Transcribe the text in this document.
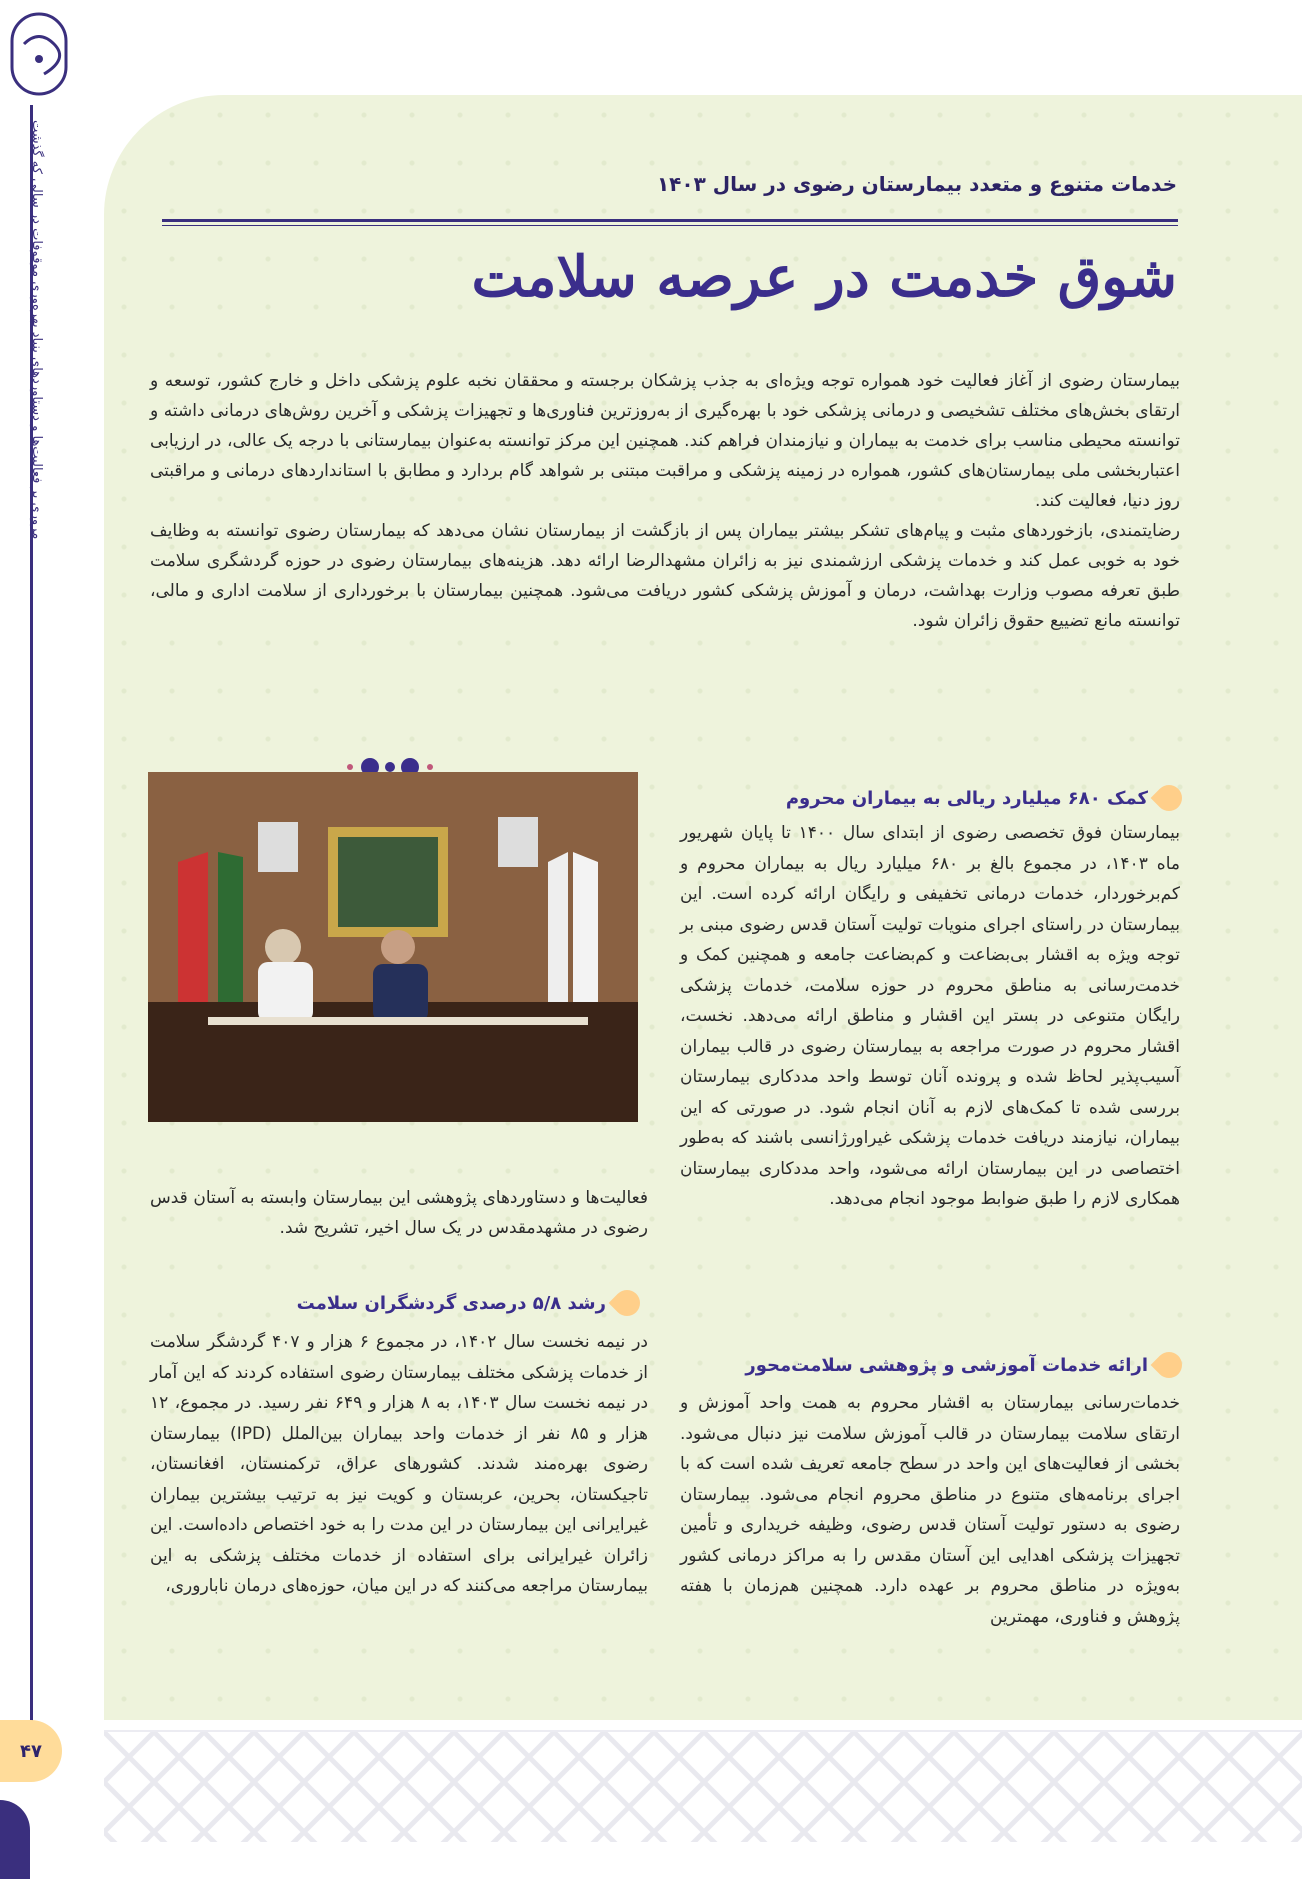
مروری بر فعالیت‌ها و دستاوردهای بنیاد بهره‌وری موقوفات در سالی که گذشت
۴۷
خدمات متنوع و متعدد بیمارستان رضوی در سال ۱۴۰۳
شوق خدمت در عرصه سلامت

بیمارستان رضوی از آغاز فعالیت خود همواره توجه ویژه‌ای به جذب پزشکان برجسته و محققان نخبه علوم پزشکی داخل و خارج کشور، توسعه و ارتقای بخش‌های مختلف تشخیصی و درمانی پزشکی خود با بهره‌گیری از به‌روزترین فناوری‌ها و تجهیزات پزشکی و آخرین روش‌های درمانی داشته و توانسته محیطی مناسب برای خدمت به بیماران و نیازمندان فراهم کند. همچنین این مرکز توانسته به‌عنوان بیمارستانی با درجه یک عالی، در ارزیابی اعتباربخشی ملی بیمارستان‌های کشور، همواره در زمینه پزشکی و مراقبت مبتنی بر شواهد گام بردارد و مطابق با استانداردهای درمانی و مراقبتی روز دنیا، فعالیت کند.

رضایتمندی، بازخوردهای مثبت و پیام‌های تشکر بیشتر بیماران پس از بازگشت از بیمارستان نشان می‌دهد که بیمارستان رضوی توانسته به وظایف خود به خوبی عمل کند و خدمات پزشکی ارزشمندی نیز به زائران مشهدالرضا ارائه دهد. هزینه‌های بیمارستان رضوی در حوزه گردشگری سلامت طبق تعرفه مصوب وزارت بهداشت، درمان و آموزش پزشکی کشور دریافت می‌شود. همچنین بیمارستان با برخورداری از سلامت اداری و مالی، توانسته مانع تضییع حقوق زائران شود.

فعالیت‌ها و دستاوردهای پژوهشی این بیمارستان وابسته به آستان قدس رضوی در مشهدمقدس در یک سال اخیر، تشریح شد.
کمک ۶۸۰ میلیارد ریالی به بیماران محروم

بیمارستان فوق تخصصی رضوی از ابتدای سال ۱۴۰۰ تا پایان شهریور ماه ۱۴۰۳، در مجموع بالغ بر ۶۸۰ میلیارد ریال به بیماران محروم و کم‌برخوردار، خدمات درمانی تخفیفی و رایگان ارائه کرده است. این بیمارستان در راستای اجرای منویات تولیت آستان قدس رضوی مبنی بر توجه ویژه به اقشار بی‌بضاعت و کم‌بضاعت جامعه و همچنین کمک و خدمت‌رسانی به مناطق محروم در حوزه سلامت، خدمات پزشکی رایگان متنوعی در بستر این اقشار و مناطق ارائه می‌دهد. نخست، اقشار محروم در صورت مراجعه به بیمارستان رضوی در قالب بیماران آسیب‌پذیر لحاظ شده و پرونده آنان توسط واحد مددکاری بیمارستان بررسی شده تا کمک‌های لازم به آنان انجام شود. در صورتی که این بیماران، نیازمند دریافت خدمات پزشکی غیراورژانسی باشند که به‌طور اختصاصی در این بیمارستان ارائه می‌شود، واحد مددکاری بیمارستان همکاری لازم را طبق ضوابط موجود انجام می‌دهد.

ارائه خدمات آموزشی و پژوهشی سلامت‌محور

خدمات‌رسانی بیمارستان به اقشار محروم به همت واحد آموزش و ارتقای سلامت بیمارستان در قالب آموزش سلامت نیز دنبال می‌شود. بخشی از فعالیت‌های این واحد در سطح جامعه تعریف شده است که با اجرای برنامه‌های متنوع در مناطق محروم انجام می‌شود. بیمارستان رضوی به دستور تولیت آستان قدس رضوی، وظیفه خریداری و تأمین تجهیزات پزشکی اهدایی این آستان مقدس را به مراکز درمانی کشور به‌ویژه در مناطق محروم بر عهده دارد. همچنین هم‌زمان با هفته پژوهش و فناوری، مهمترین

رشد ۵/۸ درصدی گردشگران سلامت

در نیمه نخست سال ۱۴۰۲، در مجموع ۶ هزار و ۴۰۷ گردشگر سلامت از خدمات پزشکی مختلف بیمارستان رضوی استفاده کردند که این آمار در نیمه نخست سال ۱۴۰۳، به ۸ هزار و ۶۴۹ نفر رسید. در مجموع، ۱۲ هزار و ۸۵ نفر از خدمات واحد بیماران بین‌الملل (IPD) بیمارستان رضوی بهره‌مند شدند. کشورهای عراق، ترکمنستان، افغانستان، تاجیکستان، بحرین، عربستان و کویت نیز به ترتیب بیشترین بیماران غیرایرانی این بیمارستان در این مدت را به خود اختصاص داده‌است. این زائران غیرایرانی برای استفاده از خدمات مختلف پزشکی به این بیمارستان مراجعه می‌کنند که در این میان، حوزه‌های درمان ناباروری،
